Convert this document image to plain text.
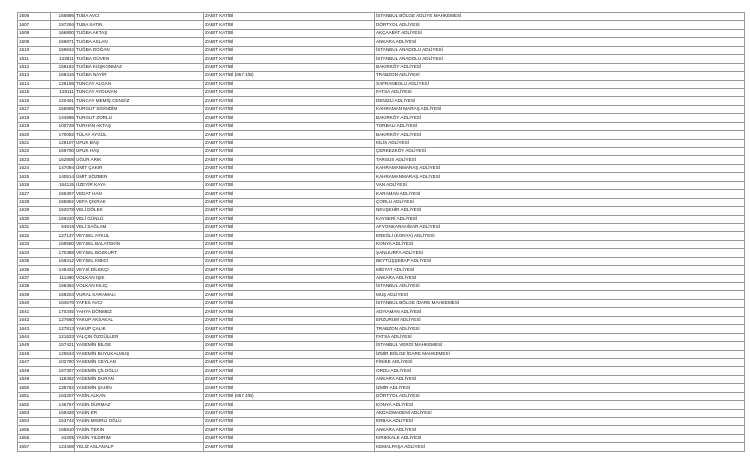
1606	166895	TUBA AVCI	ZABIT KATİBİ	İSTANBUL BÖLGE ADLİYE MAHKEMESİ
1607	157294	TUBA SATIN	ZABIT KATİBİ	DÖRTYOL ADLİYESİ
1608	166800	TUĞBA AKTAŞ	ZABIT KATİBİ	AKÇAABAT ADLİYESİ
1609	166871	TUĞBA ASLAN	ZABIT KATİBİ	ANKARA ADLİYESİ
1610	159842	TUĞBA DOĞAN	ZABIT KATİBİ	İSTANBUL ANADOLU ADLİYESİ
1611	143811	TUĞBA GÜVEN	ZABIT KATİBİ	İSTANBUL ANADOLU ADLİYESİ
1612	159162	TUĞBA KUŞKONMAZ	ZABIT KATİBİ	BAKIRKÖY ADLİYESİ
1613	169415	TUĞBA NAYİR	ZABIT KATİBİ (657 4/B)	TRABZON ADLİYESİ
1614	126168	TUNCAY ALGAN	ZABIT KATİBİ	SAFRANBOLU ADLİYESİ
1615	129111	TUNCAY AYDUVAN	ZABIT KATİBİ	FATSA ADLİYESİ
1616	120401	TUNCAY MEMİŞ CENGİZ	ZABIT KATİBİ	DENİZLİ ADLİYESİ
1617	155695	TURGUT SİGİNDİM	ZABIT KATİBİ	KAHRAMAN MARAŞ ADLİYESİ
1618	144995	TURGUT ZORLU	ZABIT KATİBİ	BAKIRKÖY ADLİYESİ
1619	100728	TURHAN AKTAŞ	ZABIT KATİBİ	TORBALI ADLİYESİ
1620	170082	TÜLAY AYGÜL	ZABIT KATİBİ	BAKIRKÖY ADLİYESİ
1621	129107	UFUK BAŞ	ZABIT KATİBİ	KİLİS ADLİYESİ
1622	169700	UFUK HAŞ	ZABIT KATİBİ	ÇERKEZKÖY ADLİYESİ
1623	162808	UĞUR ARIK	ZABIT KATİBİ	TARSUS ADLİYESİ
1624	147094	ÜMİT ÇAKIR	ZABIT KATİBİ	KAHRAMANMARAŞ ADLİYESİ
1625	140514	ÜMİT SÖZBER	ZABIT KATİBİ	KAHRAMANMARAŞ ADLİYESİ
1626	164115	ÜZEYİR KAYA	ZABIT KATİBİ	VAN ADLİYESİ
1627	166307	VEDAT HAN	ZABIT KATİBİ	KARAMAN ADLİYESİ
1628	165852	VEFA ÇIKRAK	ZABIT KATİBİ	ÇORLU ADLİYESİ
1629	152078	VELİ DÖLEK	ZABIT KATİBİ	NEVŞEHİR ADLİYESİ
1630	169220	VELİ GÜNLÜ	ZABIT KATİBİ	KAYSERİ ADLİYESİ
1631	54616	VELİ SAĞLAM	ZABIT KATİBİ	AFYONKARAHİSAR ADLİYESİ
1632	127137	VEYSEL AYKUL	ZABIT KATİBİ	EREĞLİ (KONYA) ADLİYESİ
1633	169580	VEYSEL BALATEKİN	ZABIT KATİBİ	KONYA ADLİYESİ
1634	170388	VEYSEL BOZKURT	ZABIT KATİBİ	ŞANLIURFA ADLİYESİ
1635	169312	VEYSEL KIBICI	ZABIT KATİBİ	BEYTÜŞŞEBAP ADLİYESİ
1636	145432	VEYSİ DİLEKÇİ	ZABIT KATİBİ	MİDYAT ADLİYESİ
1637	111480	VOLKAN IŞIK	ZABIT KATİBİ	ANKARA ADLİYESİ
1638	156394	VOLKAN KILIÇ	ZABIT KATİBİ	İSTANBUL ADLİYESİ
1639	169204	VURAL KARAMALI	ZABIT KATİBİ	MUŞ ADLİYESİ
1640	164676	YAFES AVCI	ZABIT KATİBİ	İSTANBUL BÖLGE İDARE MAHKEMESİ
1641	170345	YAHYA DÖNMEZ	ZABIT KATİBİ	ADIYAMAN ADLİYESİ
1642	127660	YAKUP AKSAKAL	ZABIT KATİBİ	ERZURUM ADLİYESİ
1643	127813	YAKUP ÇALIK	ZABIT KATİBİ	TRABZON ADLİYESİ
1644	121533	YALÇIN ÖZGÜLLER	ZABIT KATİBİ	FATSA ADLİYESİ
1645	157421	YASEMİN BİLGE	ZABIT KATİBİ	İSTANBUL VERGİ MAHKEMESİ
1646	126534	YASEMİN BUYUKALMUŞ	ZABIT KATİBİ	İZMİR BÖLGE İDARE MAHKEMESİ
1647	102780	YASEMİN CEYLAN	ZABIT KATİBİ	FİNİKE ADLİYESİ
1648	167307	YASEMİN ÇİLOĞLU	ZABIT KATİBİ	ORDU ADLİYESİ
1649	116462	YASEMİN DURAN	ZABIT KATİBİ	ANKARA ADLİYESİ
1650	135762	YASEMİN ŞAHİN	ZABIT KATİBİ	İZMİR ADLİYESİ
1651	163307	YASİN ALKAN	ZABIT KATİBİ (657 4/B)	DÖRTYOL ADLİYESİ
1652	146757	YASİN DURMAZ	ZABIT KATİBİ	KONYA ADLİYESİ
1653	169326	YASİN ER	ZABIT KATİBİ	AKDAĞMADENİ ADLİYESİ
1654	153742	YASİN MISIRLI OĞLU	ZABIT KATİBİ	ERBAA ADLİYESİ
1655	165810	YASİN TEKİN	ZABIT KATİBİ	ANKARA ADLİYESİ
1656	44305	YASİN YILDIRIM	ZABIT KATİBİ	KIRIKKALE ADLİYESİ
1657	124408	YELİZ ASLANALP	ZABIT KATİBİ	KEMALPAŞA ADLİYESİ
